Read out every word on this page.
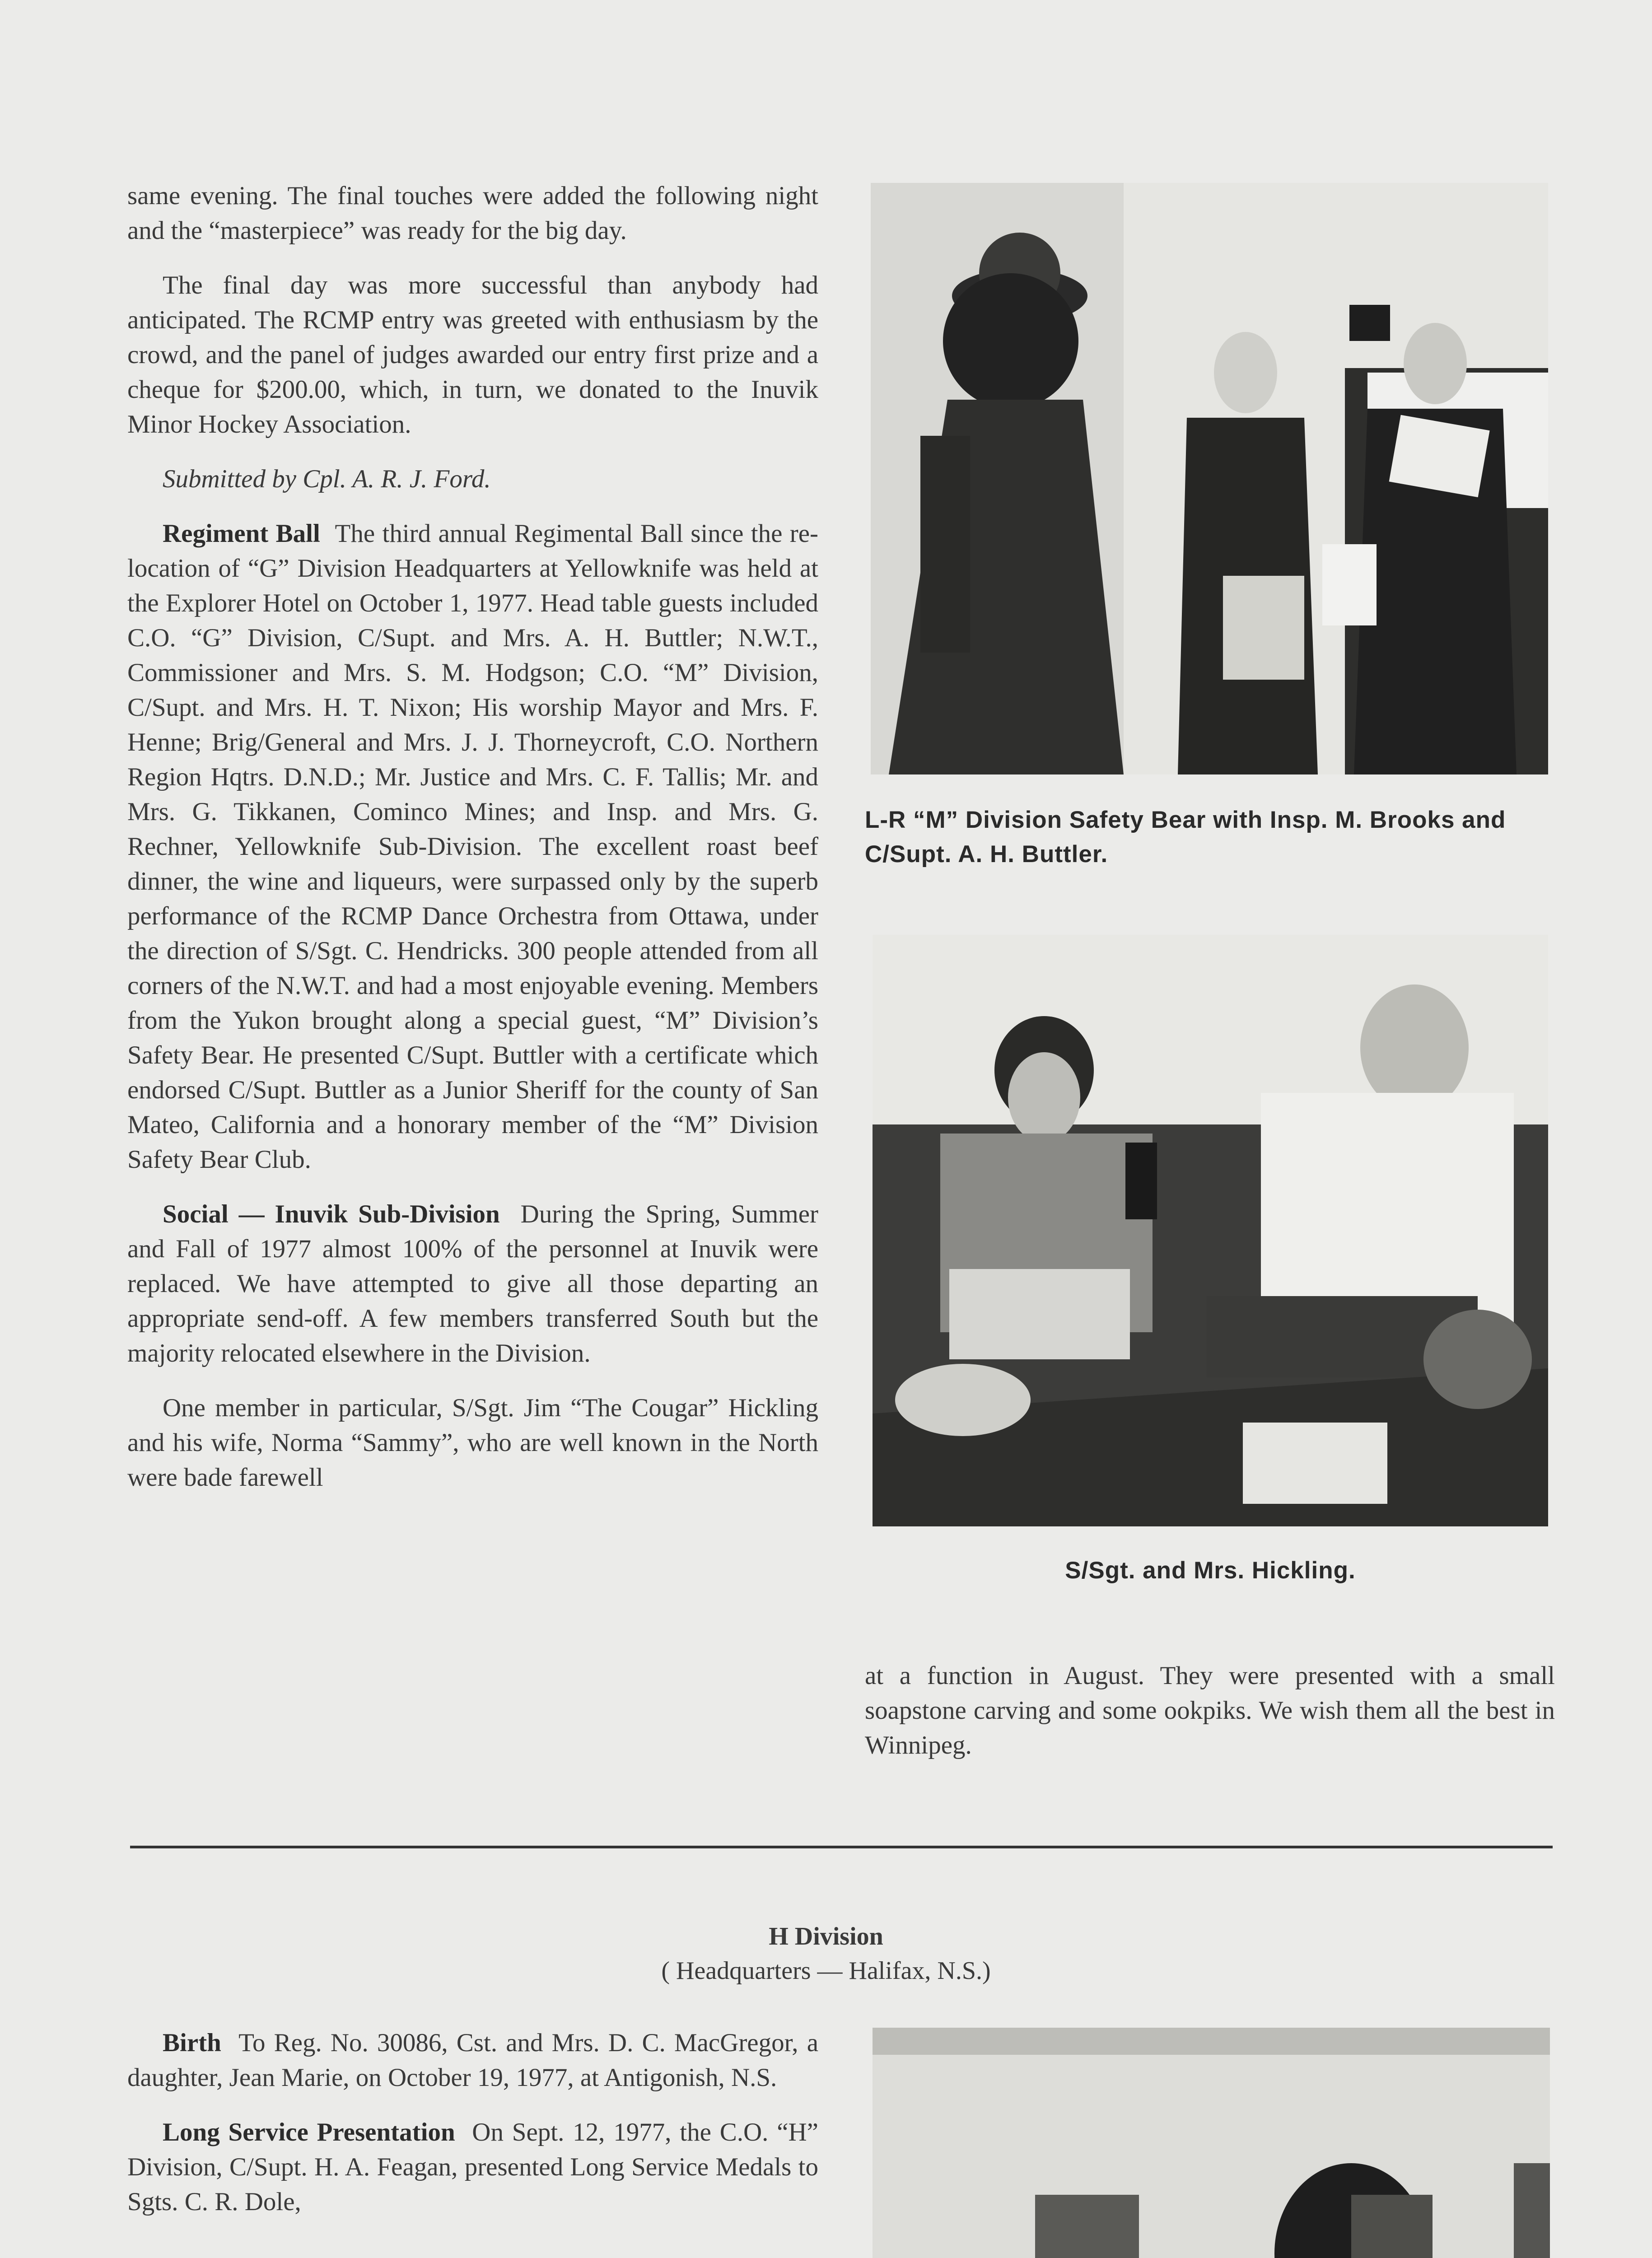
same evening. The final touches were added the following night and the “masterpiece” was ready for the big day.

The final day was more successful than anybody had anticipated. The RCMP entry was greeted with enthusiasm by the crowd, and the panel of judges awarded our entry first prize and a cheque for $200.00, which, in turn, we donated to the Inuvik Minor Hockey Association.

Submitted by Cpl. A. R. J. Ford.

Regiment Ball The third annual Regimental Ball since the re-location of “G” Division Headquarters at Yellowknife was held at the Explorer Hotel on October 1, 1977. Head table guests included C.O. “G” Division, C/Supt. and Mrs. A. H. Buttler; N.W.T., Commissioner and Mrs. S. M. Hodgson; C.O. “M” Division, C/Supt. and Mrs. H. T. Nixon; His worship Mayor and Mrs. F. Henne; Brig/General and Mrs. J. J. Thorneycroft, C.O. Northern Region Hqtrs. D.N.D.; Mr. Justice and Mrs. C. F. Tallis; Mr. and Mrs. G. Tikkanen, Cominco Mines; and Insp. and Mrs. G. Rechner, Yellowknife Sub-Division. The excellent roast beef dinner, the wine and liqueurs, were surpassed only by the superb performance of the RCMP Dance Orchestra from Ottawa, under the direction of S/Sgt. C. Hendricks. 300 people attended from all corners of the N.W.T. and had a most enjoyable evening. Members from the Yukon brought along a special guest, “M” Division’s Safety Bear. He presented C/Supt. Buttler with a certificate which endorsed C/Supt. Buttler as a Junior Sheriff for the county of San Mateo, California and a honorary member of the “M” Division Safety Bear Club.

Social — Inuvik Sub-Division During the Spring, Summer and Fall of 1977 almost 100% of the personnel at Inuvik were replaced. We have attempted to give all those departing an appropriate send-off. A few members transferred South but the majority relocated elsewhere in the Division.

One member in particular, S/Sgt. Jim “The Cougar” Hickling and his wife, Norma “Sammy”, who are well known in the North were bade farewell

L-R “M” Division Safety Bear with Insp. M. Brooks and C/Supt. A. H. Buttler.
S/Sgt. and Mrs. Hickling.

at a function in August. They were presented with a small soapstone carving and some ookpiks. We wish them all the best in Winnipeg.

H Division
( Headquarters — Halifax, N.S.)

Birth To Reg. No. 30086, Cst. and Mrs. D. C. MacGregor, a daughter, Jean Marie, on October 19, 1977, at Antigonish, N.S.

Long Service Presentation On Sept. 12, 1977, the C.O. “H” Division, C/Supt. H. A. Feagan, presented Long Service Medals to Sgts. C. R. Dole,
